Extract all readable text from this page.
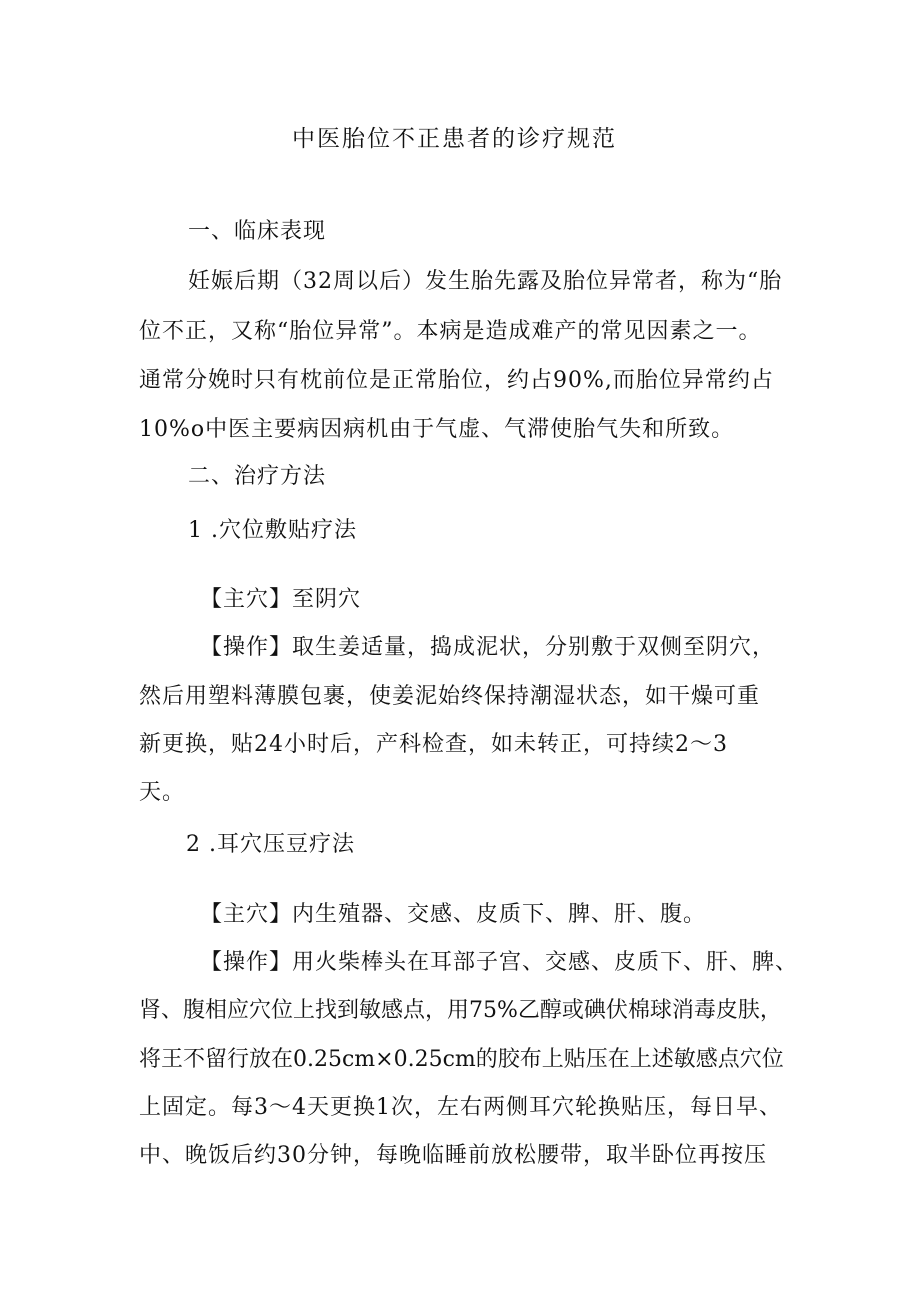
中医胎位不正患者的诊疗规范
一、临床表现
妊娠后期（32周以后）发生胎先露及胎位异常者，称为“胎
位不正，又称“胎位异常”。本病是造成难产的常见因素之一。
通常分娩时只有枕前位是正常胎位，约占90%,而胎位异常约占
10%o中医主要病因病机由于气虚、气滞使胎气失和所致。
二、治疗方法
1 .穴位敷贴疗法
【主穴】至阴穴
【操作】取生姜适量，捣成泥状，分别敷于双侧至阴穴，
然后用塑料薄膜包裹，使姜泥始终保持潮湿状态，如干燥可重
新更换，贴24小时后，产科检查，如未转正，可持续2～3
天。
2 .耳穴压豆疗法
【主穴】内生殖器、交感、皮质下、脾、肝、腹。
【操作】用火柴棒头在耳部子宫、交感、皮质下、肝、脾、
肾、腹相应穴位上找到敏感点，用75%乙醇或碘伏棉球消毒皮肤，
将王不留行放在0.25cm×0.25cm的胶布上贴压在上述敏感点穴位
上固定。每3～4天更换1次，左右两侧耳穴轮换贴压，每日早、
中、晚饭后约30分钟，每晚临睡前放松腰带，取半卧位再按压
